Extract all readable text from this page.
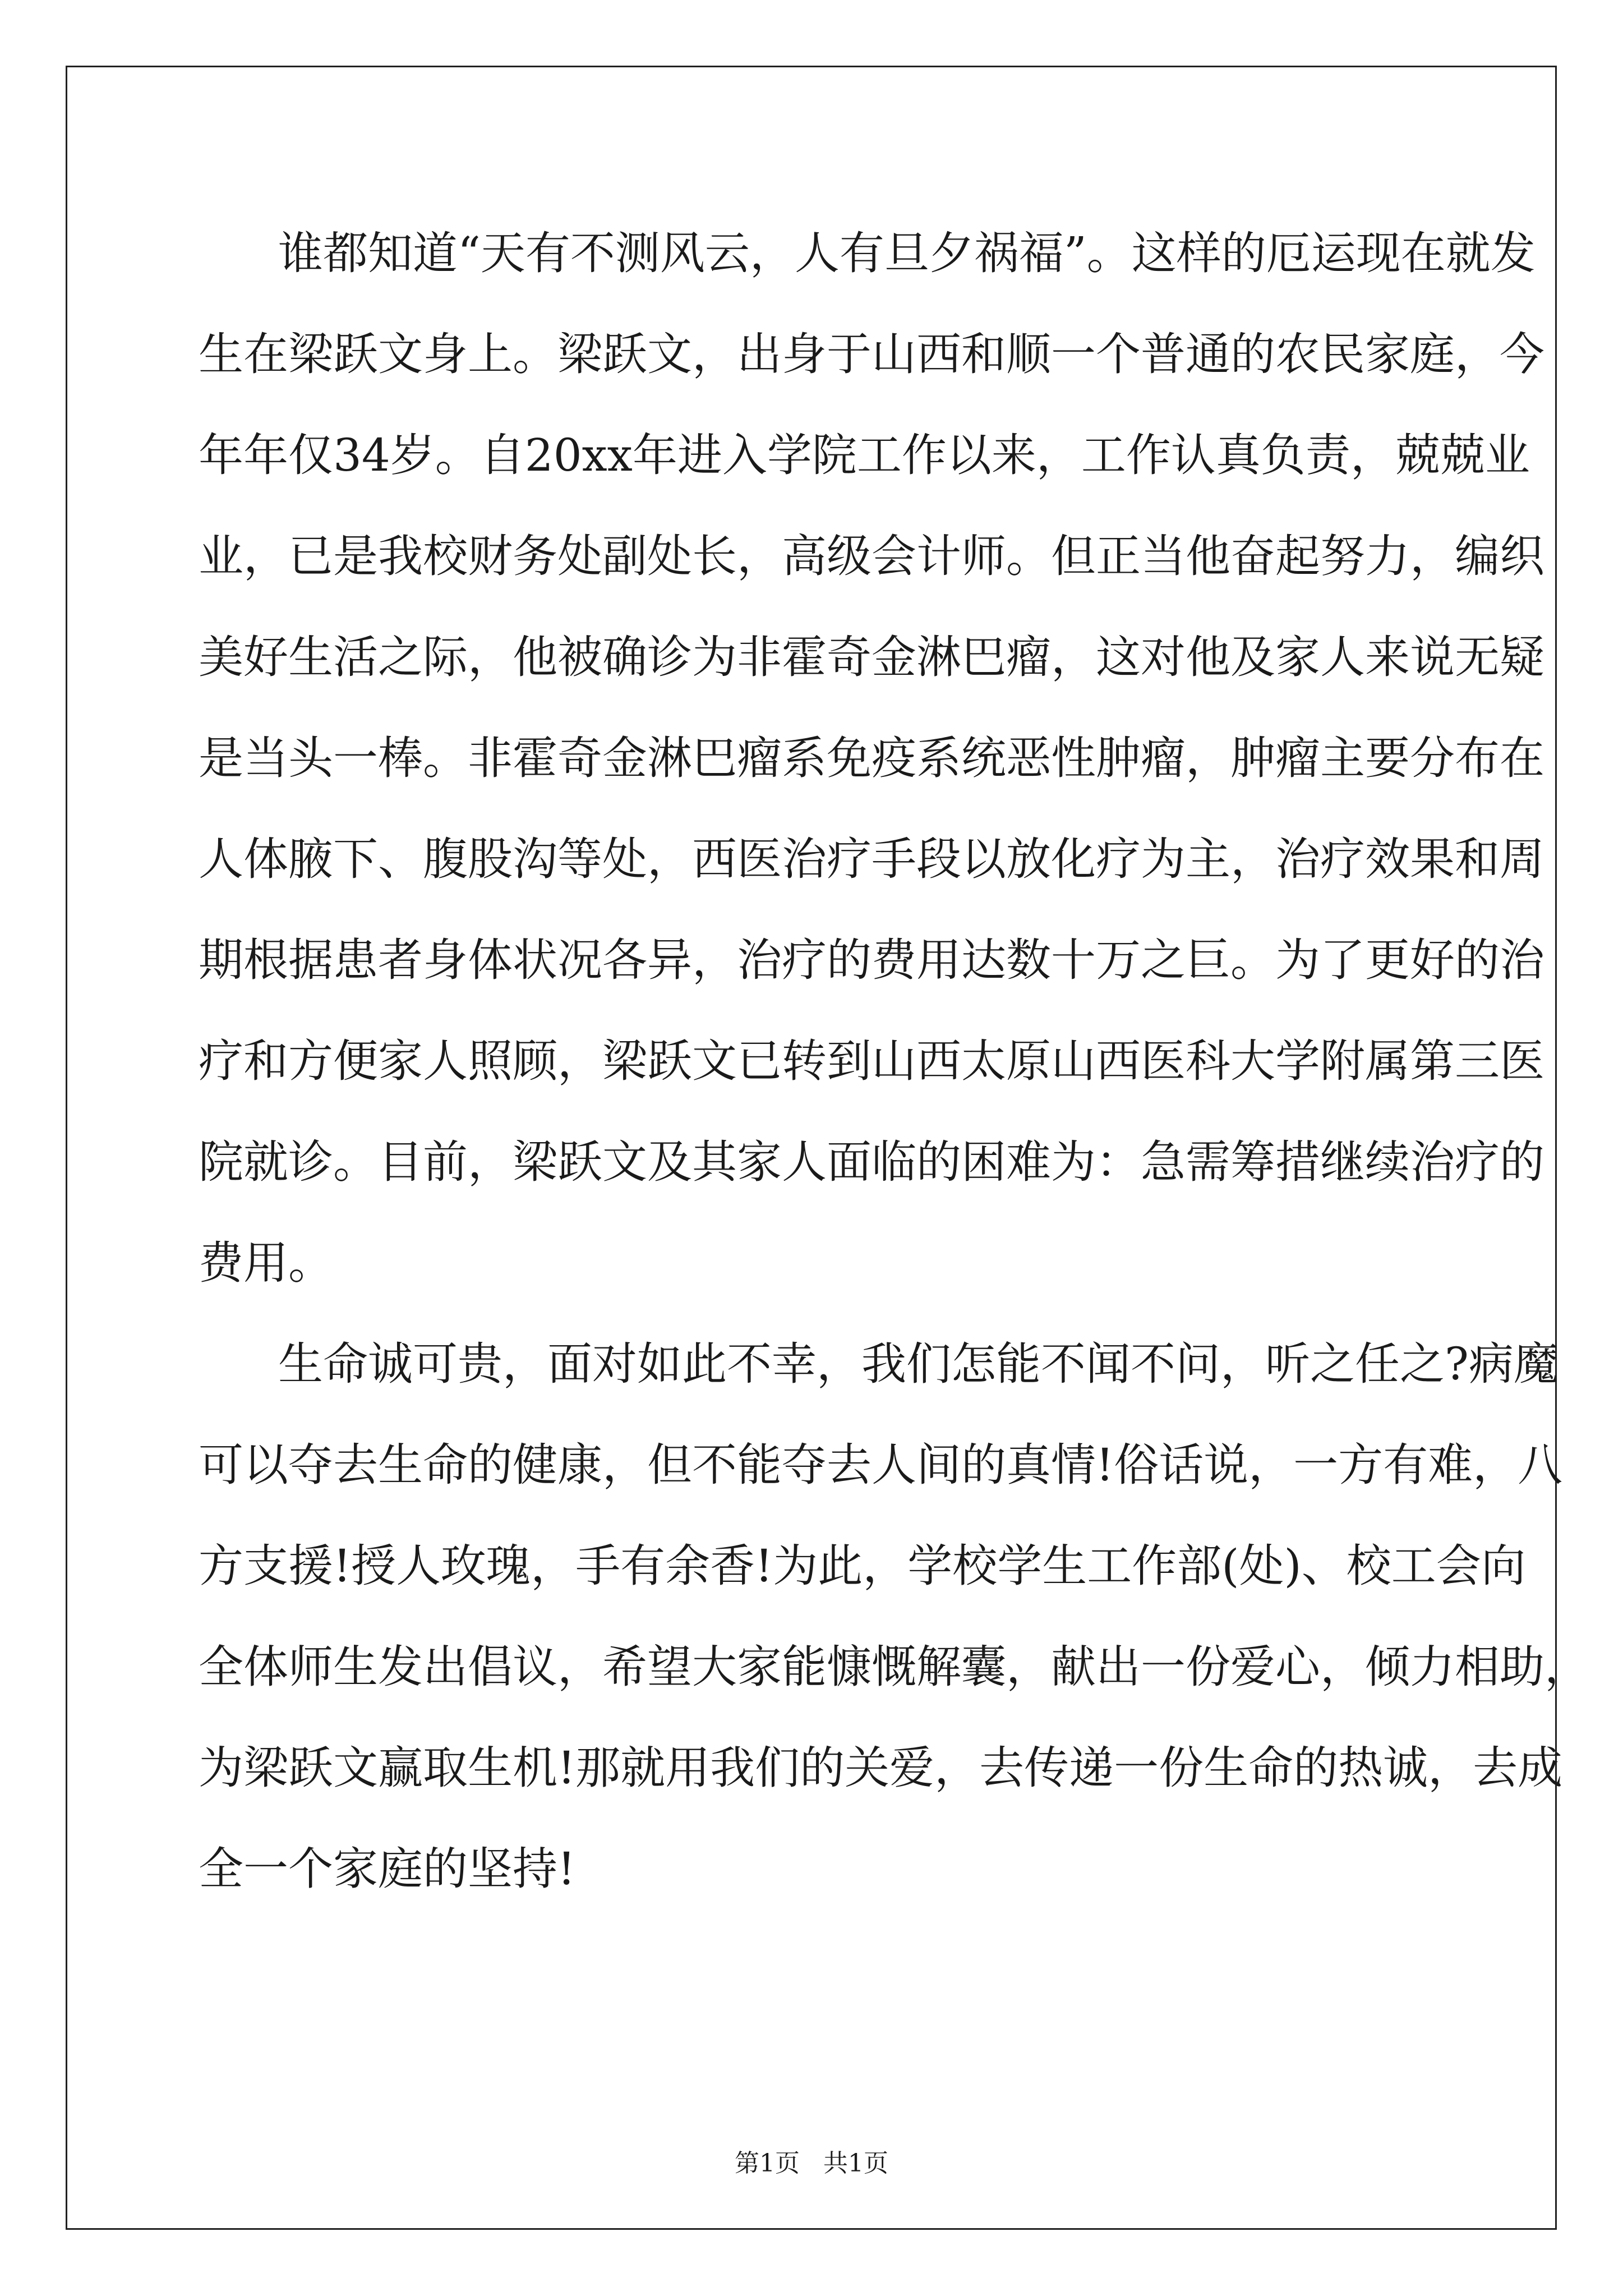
谁都知道“天有不测风云，人有旦夕祸福”。这样的厄运现在就发
生在梁跃文身上。梁跃文，出身于山西和顺一个普通的农民家庭，今
年年仅34岁。自20xx年进入学院工作以来，工作认真负责，兢兢业
业，已是我校财务处副处长，高级会计师。但正当他奋起努力，编织
美好生活之际，他被确诊为非霍奇金淋巴瘤，这对他及家人来说无疑
是当头一棒。非霍奇金淋巴瘤系免疫系统恶性肿瘤，肿瘤主要分布在
人体腋下、腹股沟等处，西医治疗手段以放化疗为主，治疗效果和周
期根据患者身体状况各异，治疗的费用达数十万之巨。为了更好的治
疗和方便家人照顾，梁跃文已转到山西太原山西医科大学附属第三医
院就诊。目前，梁跃文及其家人面临的困难为：急需筹措继续治疗的
费用。
生命诚可贵，面对如此不幸，我们怎能不闻不问，听之任之?病魔
可以夺去生命的健康，但不能夺去人间的真情!俗话说，一方有难，八
方支援!授人玫瑰，手有余香!为此，学校学生工作部(处)、校工会向
全体师生发出倡议，希望大家能慷慨解囊，献出一份爱心，倾力相助，
为梁跃文赢取生机!那就用我们的关爱，去传递一份生命的热诚，去成
全一个家庭的坚持!
第1页   共1页
